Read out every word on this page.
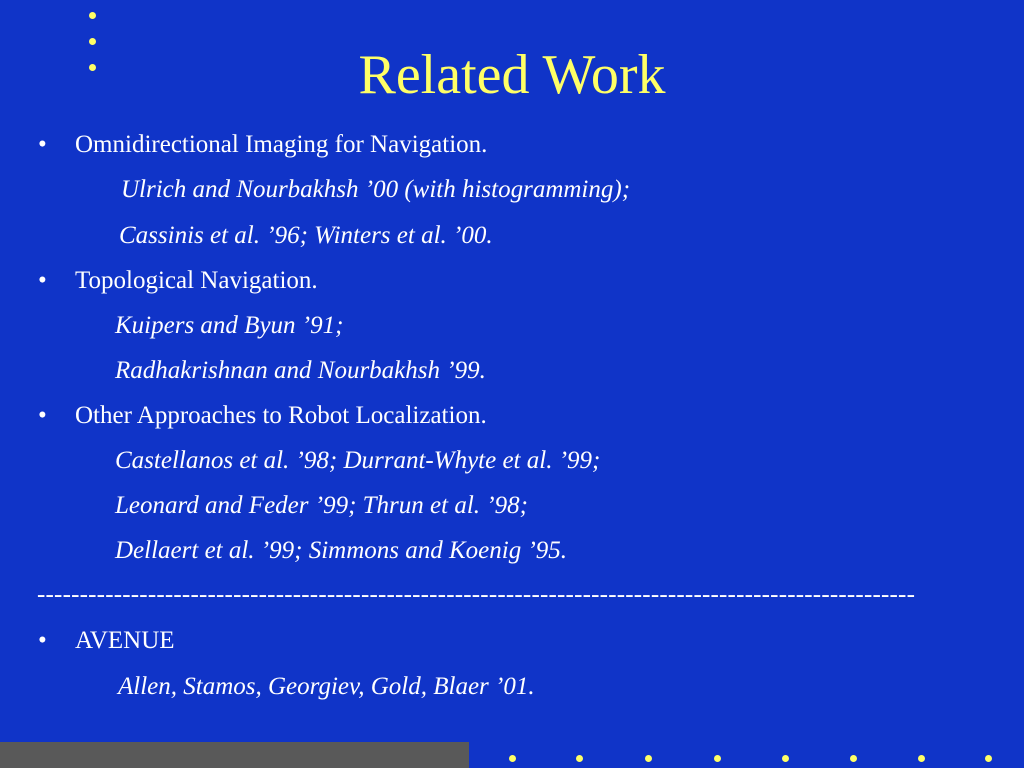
Related Work
• Omnidirectional Imaging for Navigation.
Ulrich and Nourbakhsh ’00 (with histogramming);
Cassinis et al. ’96; Winters et al. ’00.
• Topological Navigation.
Kuipers and Byun ’91;
Radhakrishnan and Nourbakhsh ’99.
• Other Approaches to Robot Localization.
Castellanos et al. ’98; Durrant-Whyte et al. ’99;
Leonard and Feder ’99; Thrun et al. ’98;
Dellaert et al. ’99; Simmons and Koenig ’95.
-------------------------------------------------------------------------------------------------------
• AVENUE
Allen, Stamos, Georgiev, Gold, Blaer ’01.
